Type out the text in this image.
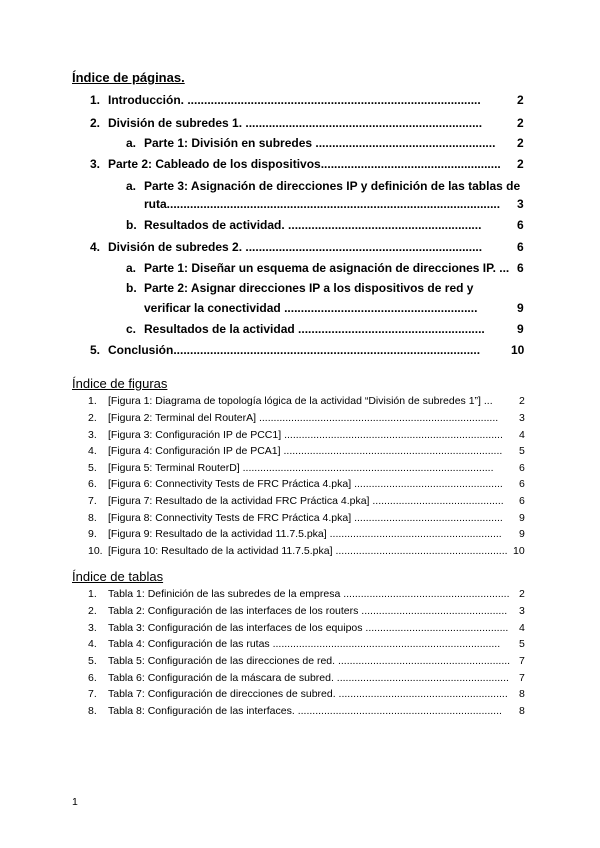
Índice de páginas.
1. Introducción. ........................................................................................	2
2. División de subredes 1. .......................................................................	2
a. Parte 1: División en subredes ......................................................	2
3. Parte 2: Cableado de los dispositivos......................................................	2
a. Parte 3: Asignación de direcciones IP y definición de las tablas de
ruta....................................................................................................	3
b. Resultados de actividad. ..........................................................	6
4. División de subredes 2. .......................................................................	6
a. Parte 1: Diseñar un esquema de asignación de direcciones IP. ... 6
b. Parte 2: Asignar direcciones IP a los dispositivos de red y
verificar la conectividad ..........................................................	9
c. Resultados de la actividad ........................................................	9
5. Conclusión............................................................................................	10
Índice de figuras
1. [Figura 1: Diagrama de topología lógica de la actividad “División de subredes 1”] ...	2
2. [Figura 2: Terminal del RouterA] ..................................................................................	3
3. [Figura 3: Configuración IP de PCC1] ...........................................................................	4
4. [Figura 4: Configuración IP de PCA1] ...........................................................................	5
5. [Figura 5: Terminal RouterD] ......................................................................................	6
6. [Figura 6: Connectivity Tests de FRC Práctica 4.pka] ...................................................	6
7. [Figura 7: Resultado de la actividad FRC Práctica 4.pka] .............................................	6
8. [Figura 8: Connectivity Tests de FRC Práctica 4.pka] ...................................................	9
9. [Figura 9: Resultado de la actividad 11.7.5.pka] ...........................................................	9
10. [Figura 10: Resultado de la actividad 11.7.5.pka] ........................................................... 10
Índice de tablas
1. Tabla 1: Definición de las subredes de la empresa ......................................................... 2
2. Tabla 2: Configuración de las interfaces de los routers ..................................................	3
3. Tabla 3: Configuración de las interfaces de los equipos .................................................	4
4. Tabla 4: Configuración de las rutas ..............................................................................	5
5. Tabla 5: Configuración de las direcciones de red. ........................................................... 7
6. Tabla 6: Configuración de la máscara de subred. ........................................................... 7
7. Tabla 7: Configuración de direcciones de subred. ..........................................................	8
8. Tabla 8: Configuración de las interfaces. ......................................................................	8
1
